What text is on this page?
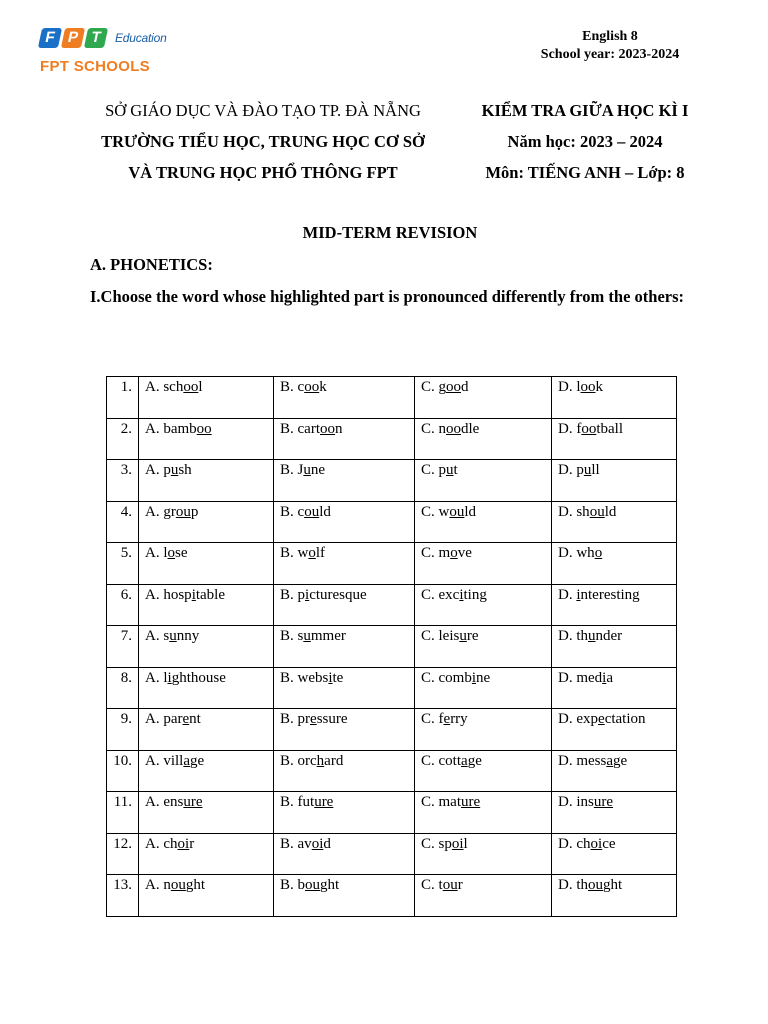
F P T	Education
FPT SCHOOLS
English 8
School year: 2023-2024
SỞ GIÁO DỤC VÀ ĐÀO TẠO TP. ĐÀ NẴNG
TRƯỜNG TIỂU HỌC, TRUNG HỌC CƠ SỞ
VÀ TRUNG HỌC PHỔ THÔNG FPT
KIỂM TRA GIỮA HỌC KÌ I
Năm học: 2023 – 2024
Môn: TIẾNG ANH – Lớp: 8
MID-TERM REVISION
A. PHONETICS:
I.Choose the word whose highlighted part is pronounced differently from the others:
1.	A. school	B. cook	C. good	D. look
2.	A. bamboo	B. cartoon	C. noodle	D. football
3.	A. push	B. June	C. put	D. pull
4.	A. group	B. could	C. would	D. should
5.	A. lose	B. wolf	C. move	D. who
6.	A. hospitable	B. picturesque	C. exciting	D. interesting
7.	A. sunny	B. summer	C. leisure	D. thunder
8.	A. lighthouse	B. website	C. combine	D. media
9.	A. parent	B. pressure	C. ferry	D. expectation
10.	A. village	B. orchard	C. cottage	D. message
11.	A. ensure	B. future	C. mature	D. insure
12.	A. choir	B. avoid	C. spoil	D. choice
13.	A. nought	B. bought	C. tour	D. thought
